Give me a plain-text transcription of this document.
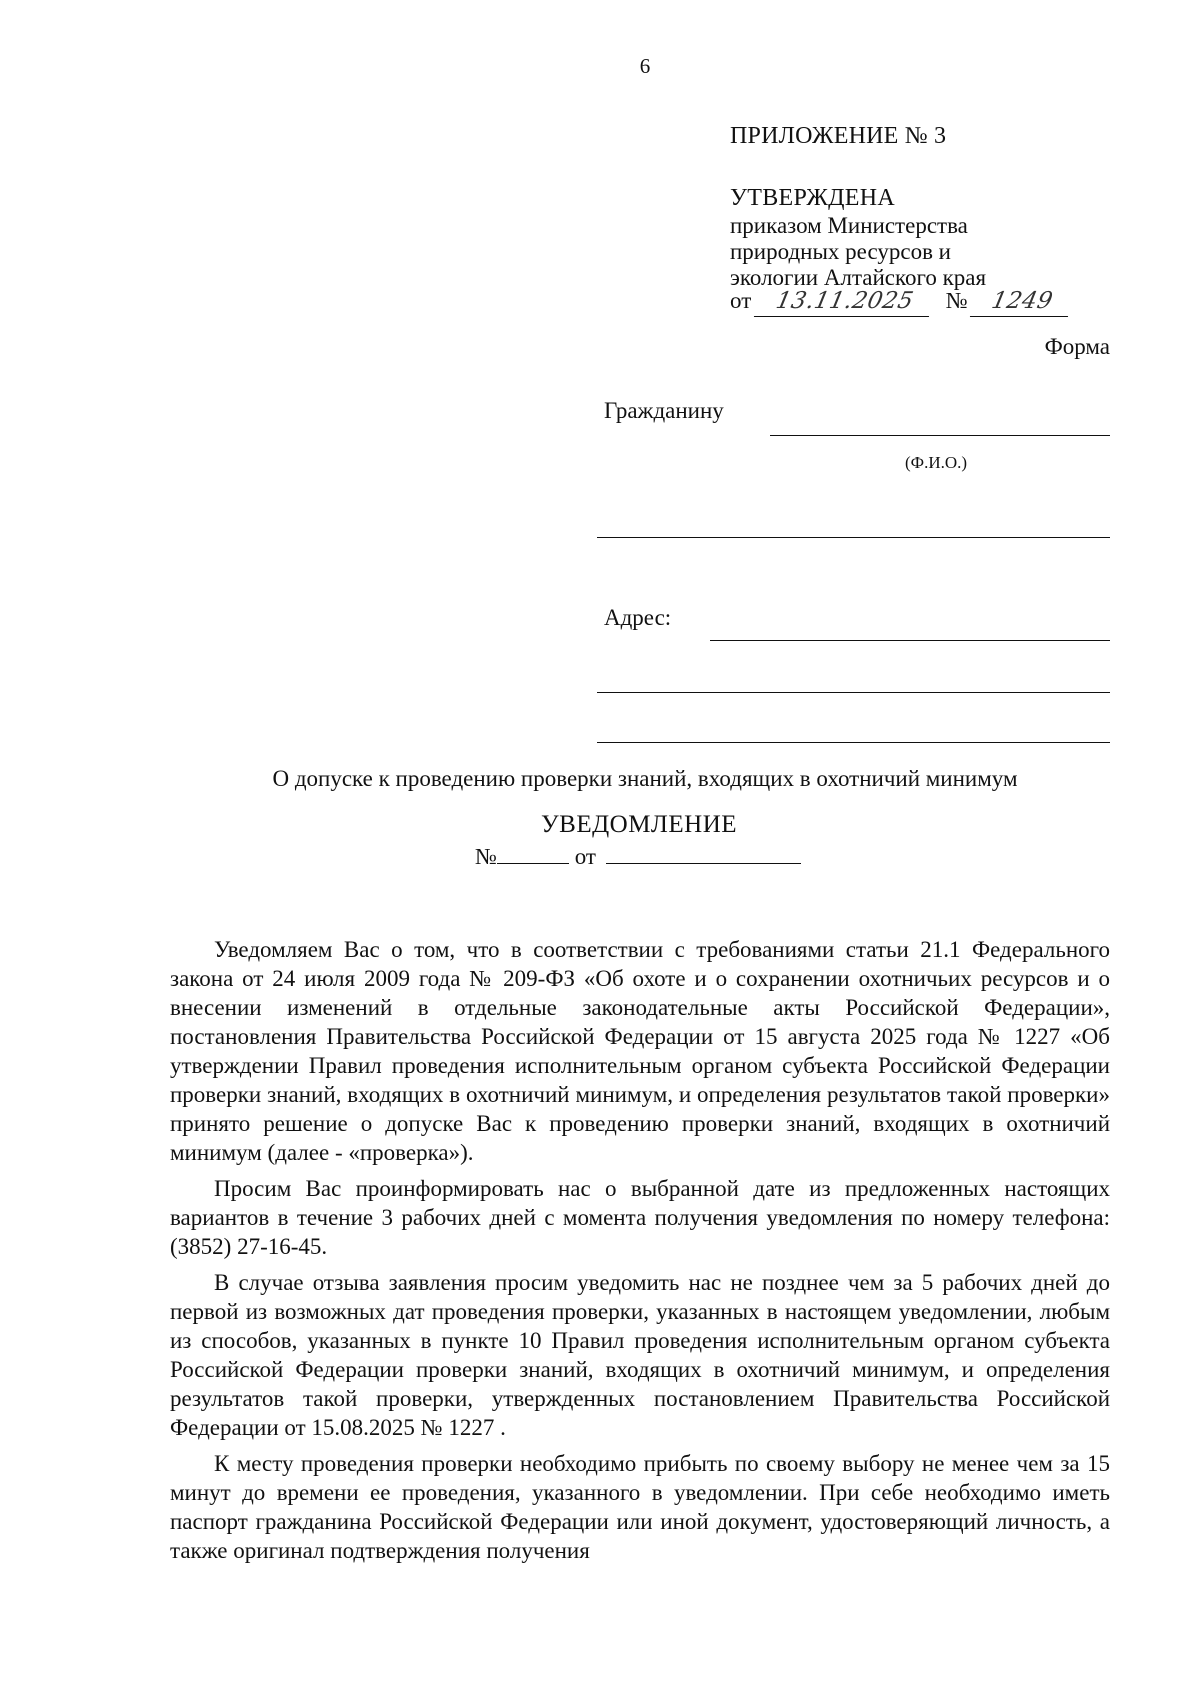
6
ПРИЛОЖЕНИЕ № 3
УТВЕРЖДЕНА
приказом Министерства
природных ресурсов и
экологии Алтайского края
от 13.11.2025 № 1249
Форма
Гражданину
(Ф.И.О.)
Адрес:
О допуске к проведению проверки знаний, входящих в охотничий минимум
УВЕДОМЛЕНИЕ
№	от

Уведомляем Вас о том, что в соответствии с требованиями статьи 21.1 Федерального закона от 24 июля 2009 года № 209-ФЗ «Об охоте и о сохранении охотничьих ресурсов и о внесении изменений в отдельные законодательные акты Российской Федерации», постановления Правительства Российской Федерации от 15 августа 2025 года № 1227 «Об утверждении Правил проведения исполнительным органом субъекта Российской Федерации проверки знаний, входящих в охотничий минимум, и определения результатов такой проверки» принято решение о допуске Вас к проведению проверки знаний, входящих в охотничий минимум (далее - «проверка»).

Просим Вас проинформировать нас о выбранной дате из предложенных настоящих вариантов в течение 3 рабочих дней с момента получения уведомления по номеру телефона: (3852) 27-16-45.

В случае отзыва заявления просим уведомить нас не позднее чем за 5 рабочих дней до первой из возможных дат проведения проверки, указанных в настоящем уведомлении, любым из способов, указанных в пункте 10 Правил проведения исполнительным органом субъекта Российской Федерации проверки знаний, входящих в охотничий минимум, и определения результатов такой проверки, утвержденных постановлением Правительства Российской Федерации от 15.08.2025 № 1227 .

К месту проведения проверки необходимо прибыть по своему выбору не менее чем за 15 минут до времени ее проведения, указанного в уведомлении. При себе необходимо иметь паспорт гражданина Российской Федерации или иной документ, удостоверяющий личность, а также оригинал подтверждения получения
